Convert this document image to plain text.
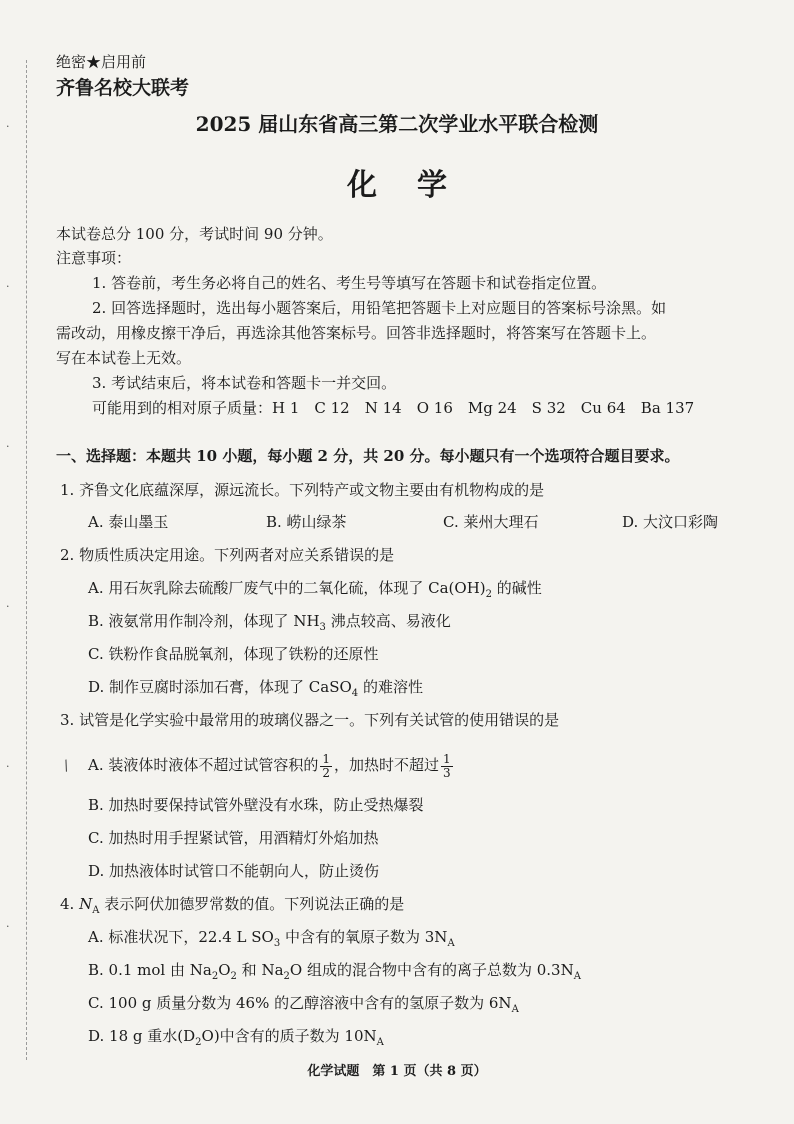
·
·
·
·
·
·
绝密★启用前
齐鲁名校大联考
2025 届山东省高三第二次学业水平联合检测
化学
本试卷总分 100 分，考试时间 90 分钟。
注意事项：
1. 答卷前，考生务必将自己的姓名、考生号等填写在答题卡和试卷指定位置。
2. 回答选择题时，选出每小题答案后，用铅笔把答题卡上对应题目的答案标号涂黑。如
需改动，用橡皮擦干净后，再选涂其他答案标号。回答非选择题时，将答案写在答题卡上。
写在本试卷上无效。
3. 考试结束后，将本试卷和答题卡一并交回。
可能用到的相对原子质量：H 1　C 12　N 14　O 16　Mg 24　S 32　Cu 64　Ba 137
一、选择题：本题共 10 小题，每小题 2 分，共 20 分。每小题只有一个选项符合题目要求。
1. 齐鲁文化底蕴深厚，源远流长。下列特产或文物主要由有机物构成的是
A. 泰山墨玉	B. 崂山绿茶	C. 莱州大理石	D. 大汶口彩陶
2. 物质性质决定用途。下列两者对应关系错误的是
A. 用石灰乳除去硫酸厂废气中的二氧化硫，体现了 $Ca(OH)_2$ 的碱性
B. 液氨常用作制冷剂，体现了 $NH_3$ 沸点较高、易液化
C. 铁粉作食品脱氧剂，体现了铁粉的还原性
D. 制作豆腐时添加石膏，体现了 CaSO$_4$ 的难溶性
3. 试管是化学实验中最常用的玻璃仪器之一。下列有关试管的使用错误的是
∕ A. 装液体时液体不超过试管容积的 $\frac{1}{2}$ ，加热时不超过 $\frac{1}{3}$
B. 加热时要保持试管外壁没有水珠，防止受热爆裂
C. 加热时用手捏紧试管，用酒精灯外焰加热
D. 加热液体时试管口不能朝向人，防止烫伤
4. $N_A$ 表示阿伏加德罗常数的值。下列说法正确的是
A. 标准状况下，22.4 L $SO_3$ 中含有的氧原子数为 $3N_A$
B. 0.1 mol 由 $Na_2O_2$ 和 $Na_2O$ 组成的混合物中含有的离子总数为 $0.3N_A$
C. 100 g 质量分数为 46% 的乙醇溶液中含有的氢原子数为 $6N_A$
D. 18 g 重水$(D_2O)$中含有的质子数为 $10N_A$
化学试题　第 1 页（共 8 页）
